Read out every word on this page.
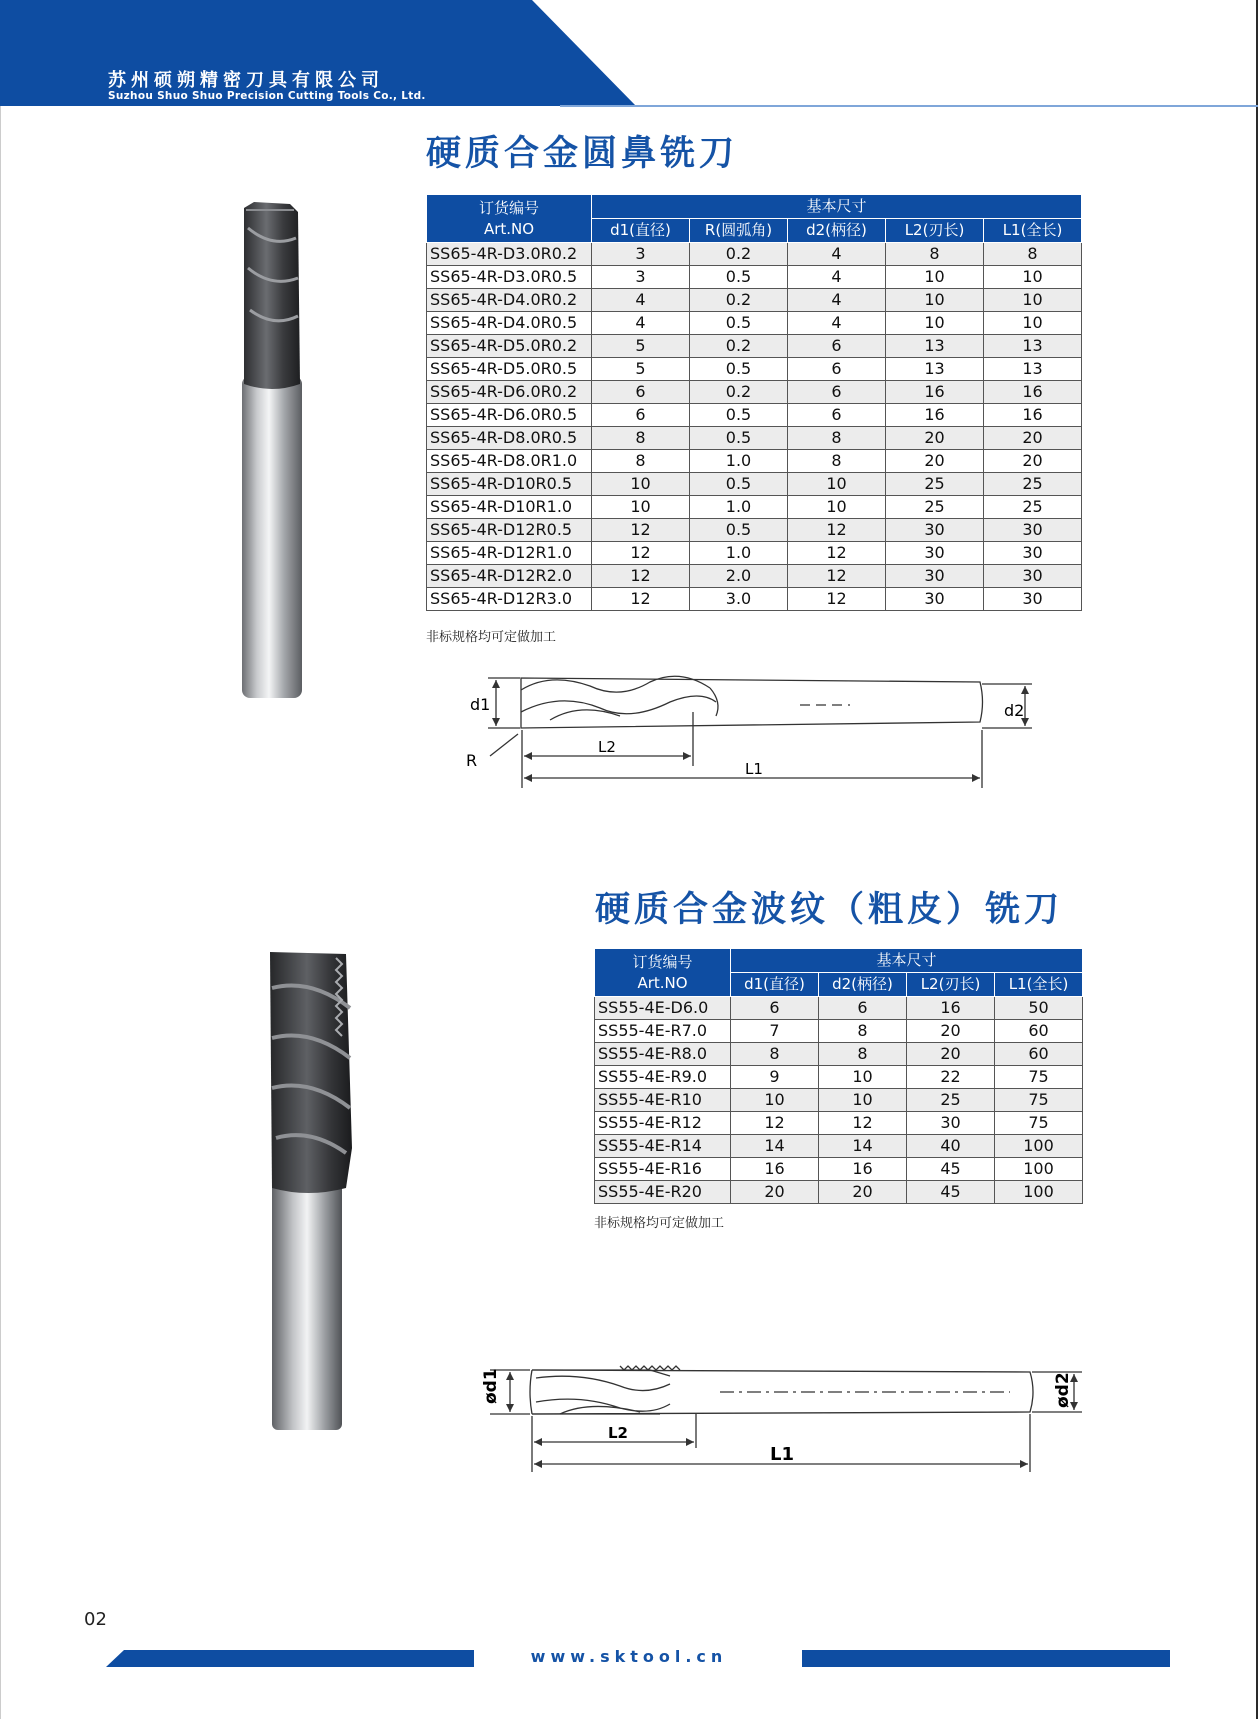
苏州硕朔精密刀具有限公司
Suzhou Shuo Shuo Precision Cutting Tools Co., Ltd.
硬质合金圆鼻铣刀
订货编号
Art.NO	基本尺寸				
	d1(直径)	R(圆弧角)	d2(柄径)	L2(刃长)	L1(全长)
SS65-4R-D3.0R0.2	3	0.2	4	8	8
SS65-4R-D3.0R0.5	3	0.5	4	10	10
SS65-4R-D4.0R0.2	4	0.2	4	10	10
SS65-4R-D4.0R0.5	4	0.5	4	10	10
SS65-4R-D5.0R0.2	5	0.2	6	13	13
SS65-4R-D5.0R0.5	5	0.5	6	13	13
SS65-4R-D6.0R0.2	6	0.2	6	16	16
SS65-4R-D6.0R0.5	6	0.5	6	16	16
SS65-4R-D8.0R0.5	8	0.5	8	20	20
SS65-4R-D8.0R1.0	8	1.0	8	20	20
SS65-4R-D10R0.5	10	0.5	10	25	25
SS65-4R-D10R1.0	10	1.0	10	25	25
SS65-4R-D12R0.5	12	0.5	12	30	30
SS65-4R-D12R1.0	12	1.0	12	30	30
SS65-4R-D12R2.0	12	2.0	12	30	30
SS65-4R-D12R3.0	12	3.0	12	30	30
非标规格均可定做加工
d1	d2
R
L2
L1
硬质合金波纹（粗皮）铣刀
订货编号
Art.NO	基本尺寸			
	d1(直径)	d2(柄径)	L2(刃长)	L1(全长)
SS55-4E-D6.0	6	6	16	50
SS55-4E-R7.0	7	8	20	60
SS55-4E-R8.0	8	8	20	60
SS55-4E-R9.0	9	10	22	75
SS55-4E-R10	10	10	25	75
SS55-4E-R12	12	12	30	75
SS55-4E-R14	14	14	40	100
SS55-4E-R16	16	16	45	100
SS55-4E-R20	20	20	45	100
非标规格均可定做加工
ød1	ød2
L2
L1
02
www.sktool.cn
